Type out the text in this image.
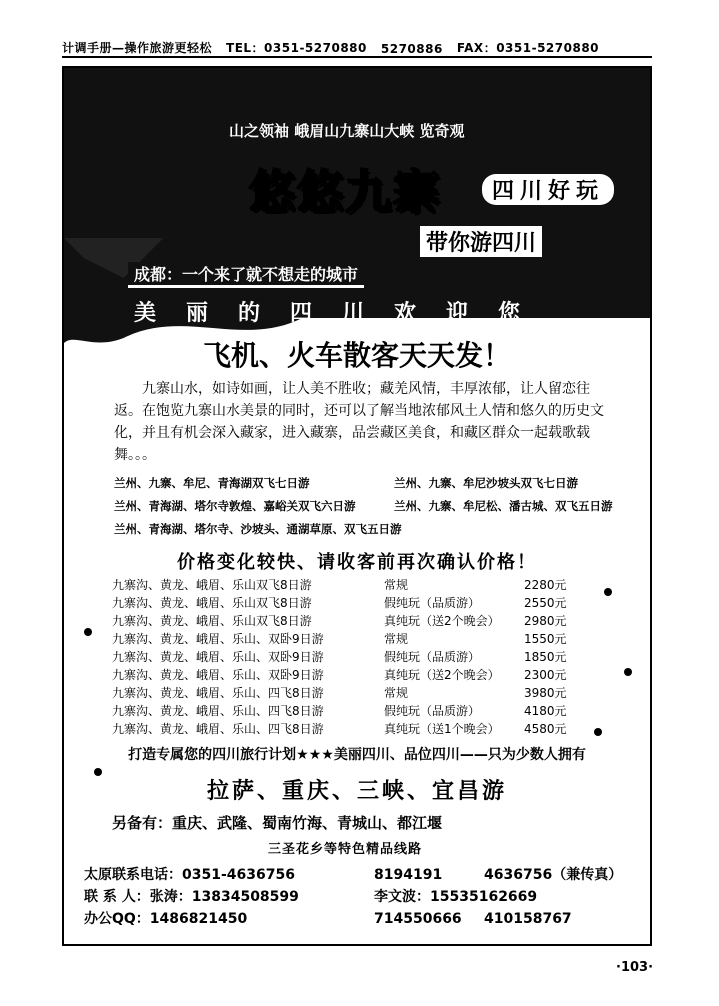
计调手册—操作旅游更轻松 TEL：0351-5270880 5270886 FAX：0351-5270880
山之领袖 峨眉山九寨山大峡 览奇观
悠悠九寨	四川好玩
带你游四川
成都：一个来了就不想走的城市
美丽的四川欢迎您
飞机、火车散客天天发！
九寨山水，如诗如画，让人美不胜收；藏羌风情，丰厚浓郁，让人留恋往返。在饱览九寨山水美景的同时，还可以了解当地浓郁风土人情和悠久的历史文化，并且有机会深入藏家，进入藏寨，品尝藏区美食，和藏区群众一起载歌载舞。。。
兰州、九寨、牟尼、青海湖双飞七日游	兰州、九寨、牟尼沙坡头双飞七日游
兰州、青海湖、塔尔寺敦煌、嘉峪关双飞六日游	兰州、九寨、牟尼松、潘古城、双飞五日游
兰州、青海湖、塔尔寺、沙坡头、通湖草原、双飞五日游
价格变化较快、请收客前再次确认价格！
九寨沟、黄龙、峨眉、乐山双飞8日游	常规	2280元
九寨沟、黄龙、峨眉、乐山双飞8日游	假纯玩（品质游）	2550元
九寨沟、黄龙、峨眉、乐山双飞8日游	真纯玩（送2个晚会）	2980元
九寨沟、黄龙、峨眉、乐山、双卧9日游	常规	1550元
九寨沟、黄龙、峨眉、乐山、双卧9日游	假纯玩（品质游）	1850元
九寨沟、黄龙、峨眉、乐山、双卧9日游	真纯玩（送2个晚会）	2300元
九寨沟、黄龙、峨眉、乐山、四飞8日游	常规	3980元
九寨沟、黄龙、峨眉、乐山、四飞8日游	假纯玩（品质游）	4180元
九寨沟、黄龙、峨眉、乐山、四飞8日游	真纯玩（送1个晚会）	4580元
打造专属您的四川旅行计划★★★美丽四川、品位四川——只为少数人拥有
拉萨、重庆、三峡、宜昌游
另备有：重庆、武隆、蜀南竹海、青城山、都江堰
三圣花乡等特色精品线路
太原联系电话：0351-4636756	8194191	4636756（兼传真）
联 系 人：张涛：13834508599	李文波：15535162669
办公QQ：1486821450	714550666	410158767
·103·
